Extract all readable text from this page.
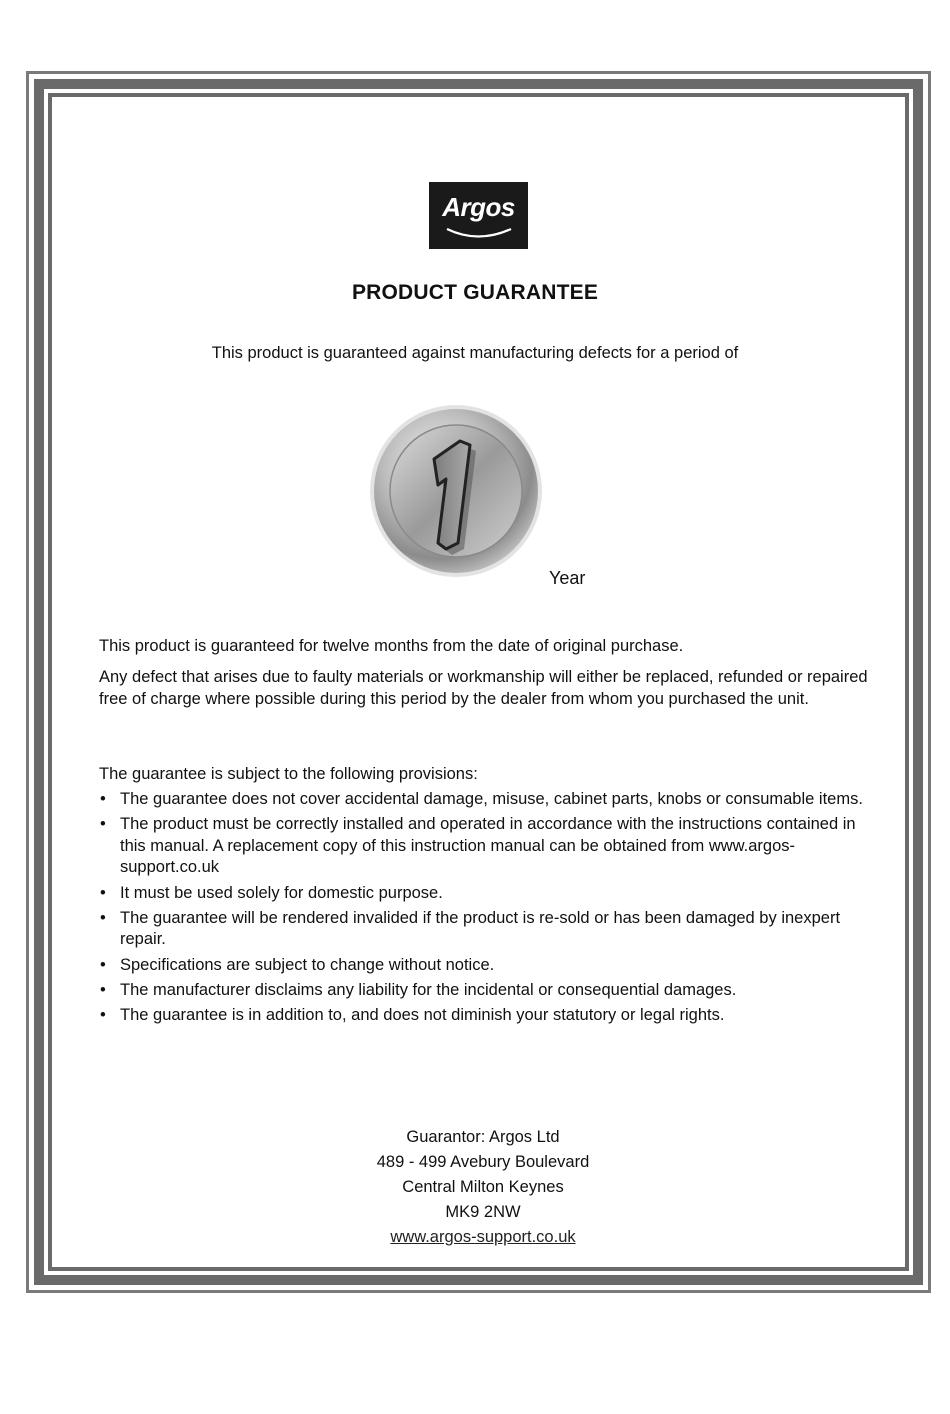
Argos
PRODUCT GUARANTEE
This product is guaranteed against manufacturing defects for a period of
1
Year
This product is guaranteed for twelve months from the date of original purchase.
Any defect that arises due to faulty materials or workmanship will either be replaced, refunded or repaired free of charge where possible during this period by the dealer from whom you purchased the unit.
The guarantee is subject to the following provisions:
• The guarantee does not cover accidental damage, misuse, cabinet parts, knobs or consumable items.
• The product must be correctly installed and operated in accordance with the instructions contained in this manual. A replacement copy of this instruction manual can be obtained from www.argos-support.co.uk
• It must be used solely for domestic purpose.
• The guarantee will be rendered invalided if the product is re-sold or has been damaged by inexpert repair.
• Specifications are subject to change without notice.
• The manufacturer disclaims any liability for the incidental or consequential damages.
• The guarantee is in addition to, and does not diminish your statutory or legal rights.
Guarantor: Argos Ltd
489 - 499 Avebury Boulevard
Central Milton Keynes
MK9 2NW
www.argos-support.co.uk
